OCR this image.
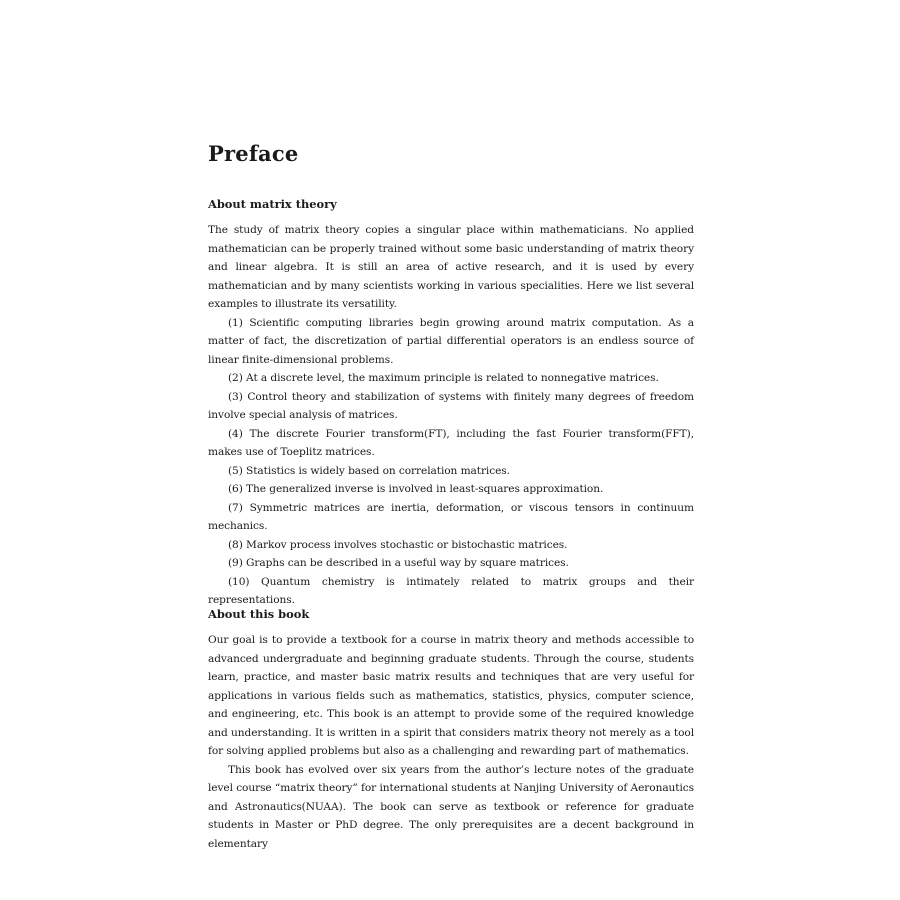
Preface
About matrix theory

The study of matrix theory copies a singular place within mathematicians. No applied mathematician can be properly trained without some basic understanding of matrix theory and linear algebra. It is still an area of active research, and it is used by every mathematician and by many scientists working in various specialities. Here we list several examples to illustrate its versatility.

(1) Scientific computing libraries begin growing around matrix computation. As a matter of fact, the discretization of partial differential operators is an endless source of linear finite-dimensional problems.

(2) At a discrete level, the maximum principle is related to nonnegative matrices.

(3) Control theory and stabilization of systems with finitely many degrees of freedom involve special analysis of matrices.

(4) The discrete Fourier transform(FT), including the fast Fourier transform(FFT), makes use of Toeplitz matrices.

(5) Statistics is widely based on correlation matrices.

(6) The generalized inverse is involved in least-squares approximation.

(7) Symmetric matrices are inertia, deformation, or viscous tensors in continuum mechanics.

(8) Markov process involves stochastic or bistochastic matrices.

(9) Graphs can be described in a useful way by square matrices.

(10) Quantum chemistry is intimately related to matrix groups and their representations.

About this book

Our goal is to provide a textbook for a course in matrix theory and methods accessible to advanced undergraduate and beginning graduate students. Through the course, students learn, practice, and master basic matrix results and techniques that are very useful for applications in various fields such as mathematics, statistics, physics, computer science, and engineering, etc. This book is an attempt to provide some of the required knowledge and understanding. It is written in a spirit that considers matrix theory not merely as a tool for solving applied problems but also as a challenging and rewarding part of mathematics.

This book has evolved over six years from the author’s lecture notes of the graduate level course “matrix theory” for international students at Nanjing University of Aeronautics and Astronautics(NUAA). The book can serve as textbook or reference for graduate students in Master or PhD degree. The only prerequisites are a decent background in elementary
